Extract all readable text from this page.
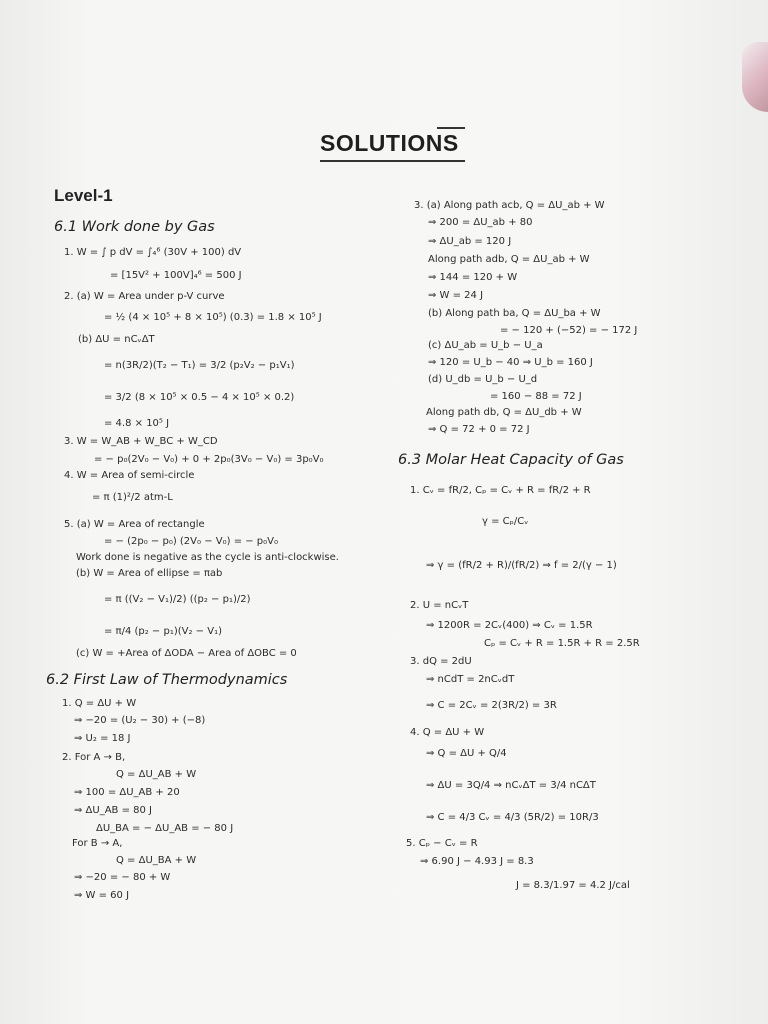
SOLUTIONS
Level-1
6.1 Work done by Gas
6.2 First Law of Thermodynamics
6.3 Molar Heat Capacity of Gas
1. W = ∫ p dV = ∫₄⁶ (30V + 100) dV
= [15V² + 100V]₄⁶ = 500 J
2. (a) W = Area under p-V curve
= ½ (4 × 10⁵ + 8 × 10⁵) (0.3) = 1.8 × 10⁵ J
(b) ΔU = nCᵥΔT
= n(3R/2)(T₂ − T₁) = 3/2 (p₂V₂ − p₁V₁)
= 3/2 (8 × 10⁵ × 0.5 − 4 × 10⁵ × 0.2)
= 4.8 × 10⁵ J
3. W = W_AB + W_BC + W_CD
= − p₀(2V₀ − V₀) + 0 + 2p₀(3V₀ − V₀) = 3p₀V₀
4. W = Area of semi-circle
= π (1)²/2 atm-L
5. (a) W = Area of rectangle
= − (2p₀ − p₀) (2V₀ − V₀) = − p₀V₀
Work done is negative as the cycle is anti-clockwise.
(b) W = Area of ellipse = πab
= π ((V₂ − V₁)/2) ((p₂ − p₁)/2)
= π/4 (p₂ − p₁)(V₂ − V₁)
(c) W = +Area of ΔODA − Area of ΔOBC = 0
1. Q = ΔU + W
⇒ −20 = (U₂ − 30) + (−8)
⇒ U₂ = 18 J
2. For A → B,
Q = ΔU_AB + W
⇒ 100 = ΔU_AB + 20
⇒ ΔU_AB = 80 J
ΔU_BA = − ΔU_AB = − 80 J
For B → A,
Q = ΔU_BA + W
⇒ −20 = − 80 + W
⇒ W = 60 J
3. (a) Along path acb, Q = ΔU_ab + W
⇒ 200 = ΔU_ab + 80
⇒ ΔU_ab = 120 J
Along path adb, Q = ΔU_ab + W
⇒ 144 = 120 + W
⇒ W = 24 J
(b) Along path ba, Q = ΔU_ba + W
= − 120 + (−52) = − 172 J
(c) ΔU_ab = U_b − U_a
⇒ 120 = U_b − 40 ⇒ U_b = 160 J
(d) U_db = U_b − U_d
= 160 − 88 = 72 J
Along path db, Q = ΔU_db + W
⇒ Q = 72 + 0 = 72 J
1. Cᵥ = fR/2, Cₚ = Cᵥ + R = fR/2 + R
γ = Cₚ/Cᵥ
⇒ γ = (fR/2 + R)/(fR/2) ⇒ f = 2/(γ − 1)
2. U = nCᵥT
⇒ 1200R = 2Cᵥ(400) ⇒ Cᵥ = 1.5R
Cₚ = Cᵥ + R = 1.5R + R = 2.5R
3. dQ = 2dU
⇒ nCdT = 2nCᵥdT
⇒ C = 2Cᵥ = 2(3R/2) = 3R
4. Q = ΔU + W
⇒ Q = ΔU + Q/4
⇒ ΔU = 3Q/4 ⇒ nCᵥΔT = 3/4 nCΔT
⇒ C = 4/3 Cᵥ = 4/3 (5R/2) = 10R/3
5. Cₚ − Cᵥ = R
⇒ 6.90 J − 4.93 J = 8.3
J = 8.3/1.97 = 4.2 J/cal
